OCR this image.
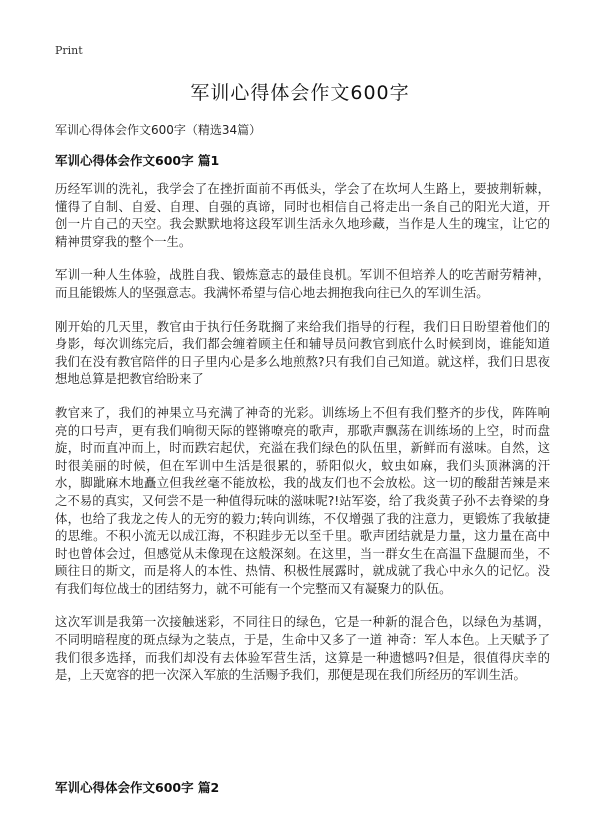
Print
军训心得体会作文600字

军训心得体会作文600字（精选34篇）

军训心得体会作文600字 篇1

历经军训的洗礼，我学会了在挫折面前不再低头，学会了在坎坷人生路上，要披荆斩棘，懂得了自制、自爱、自理、自强的真谛，同时也相信自己将走出一条自己的阳光大道，开创一片自己的天空。我会默默地将这段军训生活永久地珍藏，当作是人生的瑰宝，让它的精神贯穿我的整个一生。

军训一种人生体验，战胜自我、锻炼意志的最佳良机。军训不但培养人的吃苦耐劳精神，而且能锻炼人的坚强意志。我满怀希望与信心地去拥抱我向往已久的军训生活。

刚开始的几天里，教官由于执行任务耽搁了来给我们指导的行程，我们日日盼望着他们的身影，每次训练完后，我们都会缠着顾主任和辅导员问教官到底什么时候到岗，谁能知道我们在没有教官陪伴的日子里内心是多么地煎熬?只有我们自己知道。就这样，我们日思夜想地总算是把教官给盼来了

教官来了，我们的神果立马充满了神奇的光彩。训练场上不但有我们整齐的步伐，阵阵响亮的口号声，更有我们响彻天际的铿锵嘹亮的歌声，那歌声飘荡在训练场的上空，时而盘旋，时而直冲而上，时而跌宕起伏，充溢在我们绿色的队伍里，新鲜而有滋味。自然，这时很美丽的时候，但在军训中生活是很累的，骄阳似火，蚊虫如麻，我们头顶淋漓的汗水，脚跐麻木地矗立但我丝毫不能放松，我的战友们也不会放松。这一切的酸甜苦辣是来之不易的真实，又何尝不是一种值得玩味的滋味呢?!站军姿，给了我炎黄子孙不去脊梁的身体，也给了我龙之传人的无穷的毅力;转向训练，不仅增强了我的注意力，更锻炼了我敏捷的思维。不积小流无以成江海，不积跬步无以至千里。歌声团结就是力量，这力量在高中时也曾体会过，但感觉从未像现在这般深刻。在这里，当一群女生在高温下盘腿而坐，不顾往日的斯文，而是将人的本性、热情、积极性展露时，就成就了我心中永久的记忆。没有我们每位战士的团结努力，就不可能有一个完整而又有凝聚力的队伍。

这次军训是我第一次接触迷彩，不同往日的绿色，它是一种新的混合色，以绿色为基调，不同明暗程度的斑点绿为之装点，于是，生命中又多了一道 神奇：军人本色。上天赋予了我们很多选择，而我们却没有去体验军营生活，这算是一种遗憾吗?但是，很值得庆幸的是，上天宽容的把一次深入军旅的生活赐予我们，那便是现在我们所经历的军训生活。

军训心得体会作文600字 篇2
